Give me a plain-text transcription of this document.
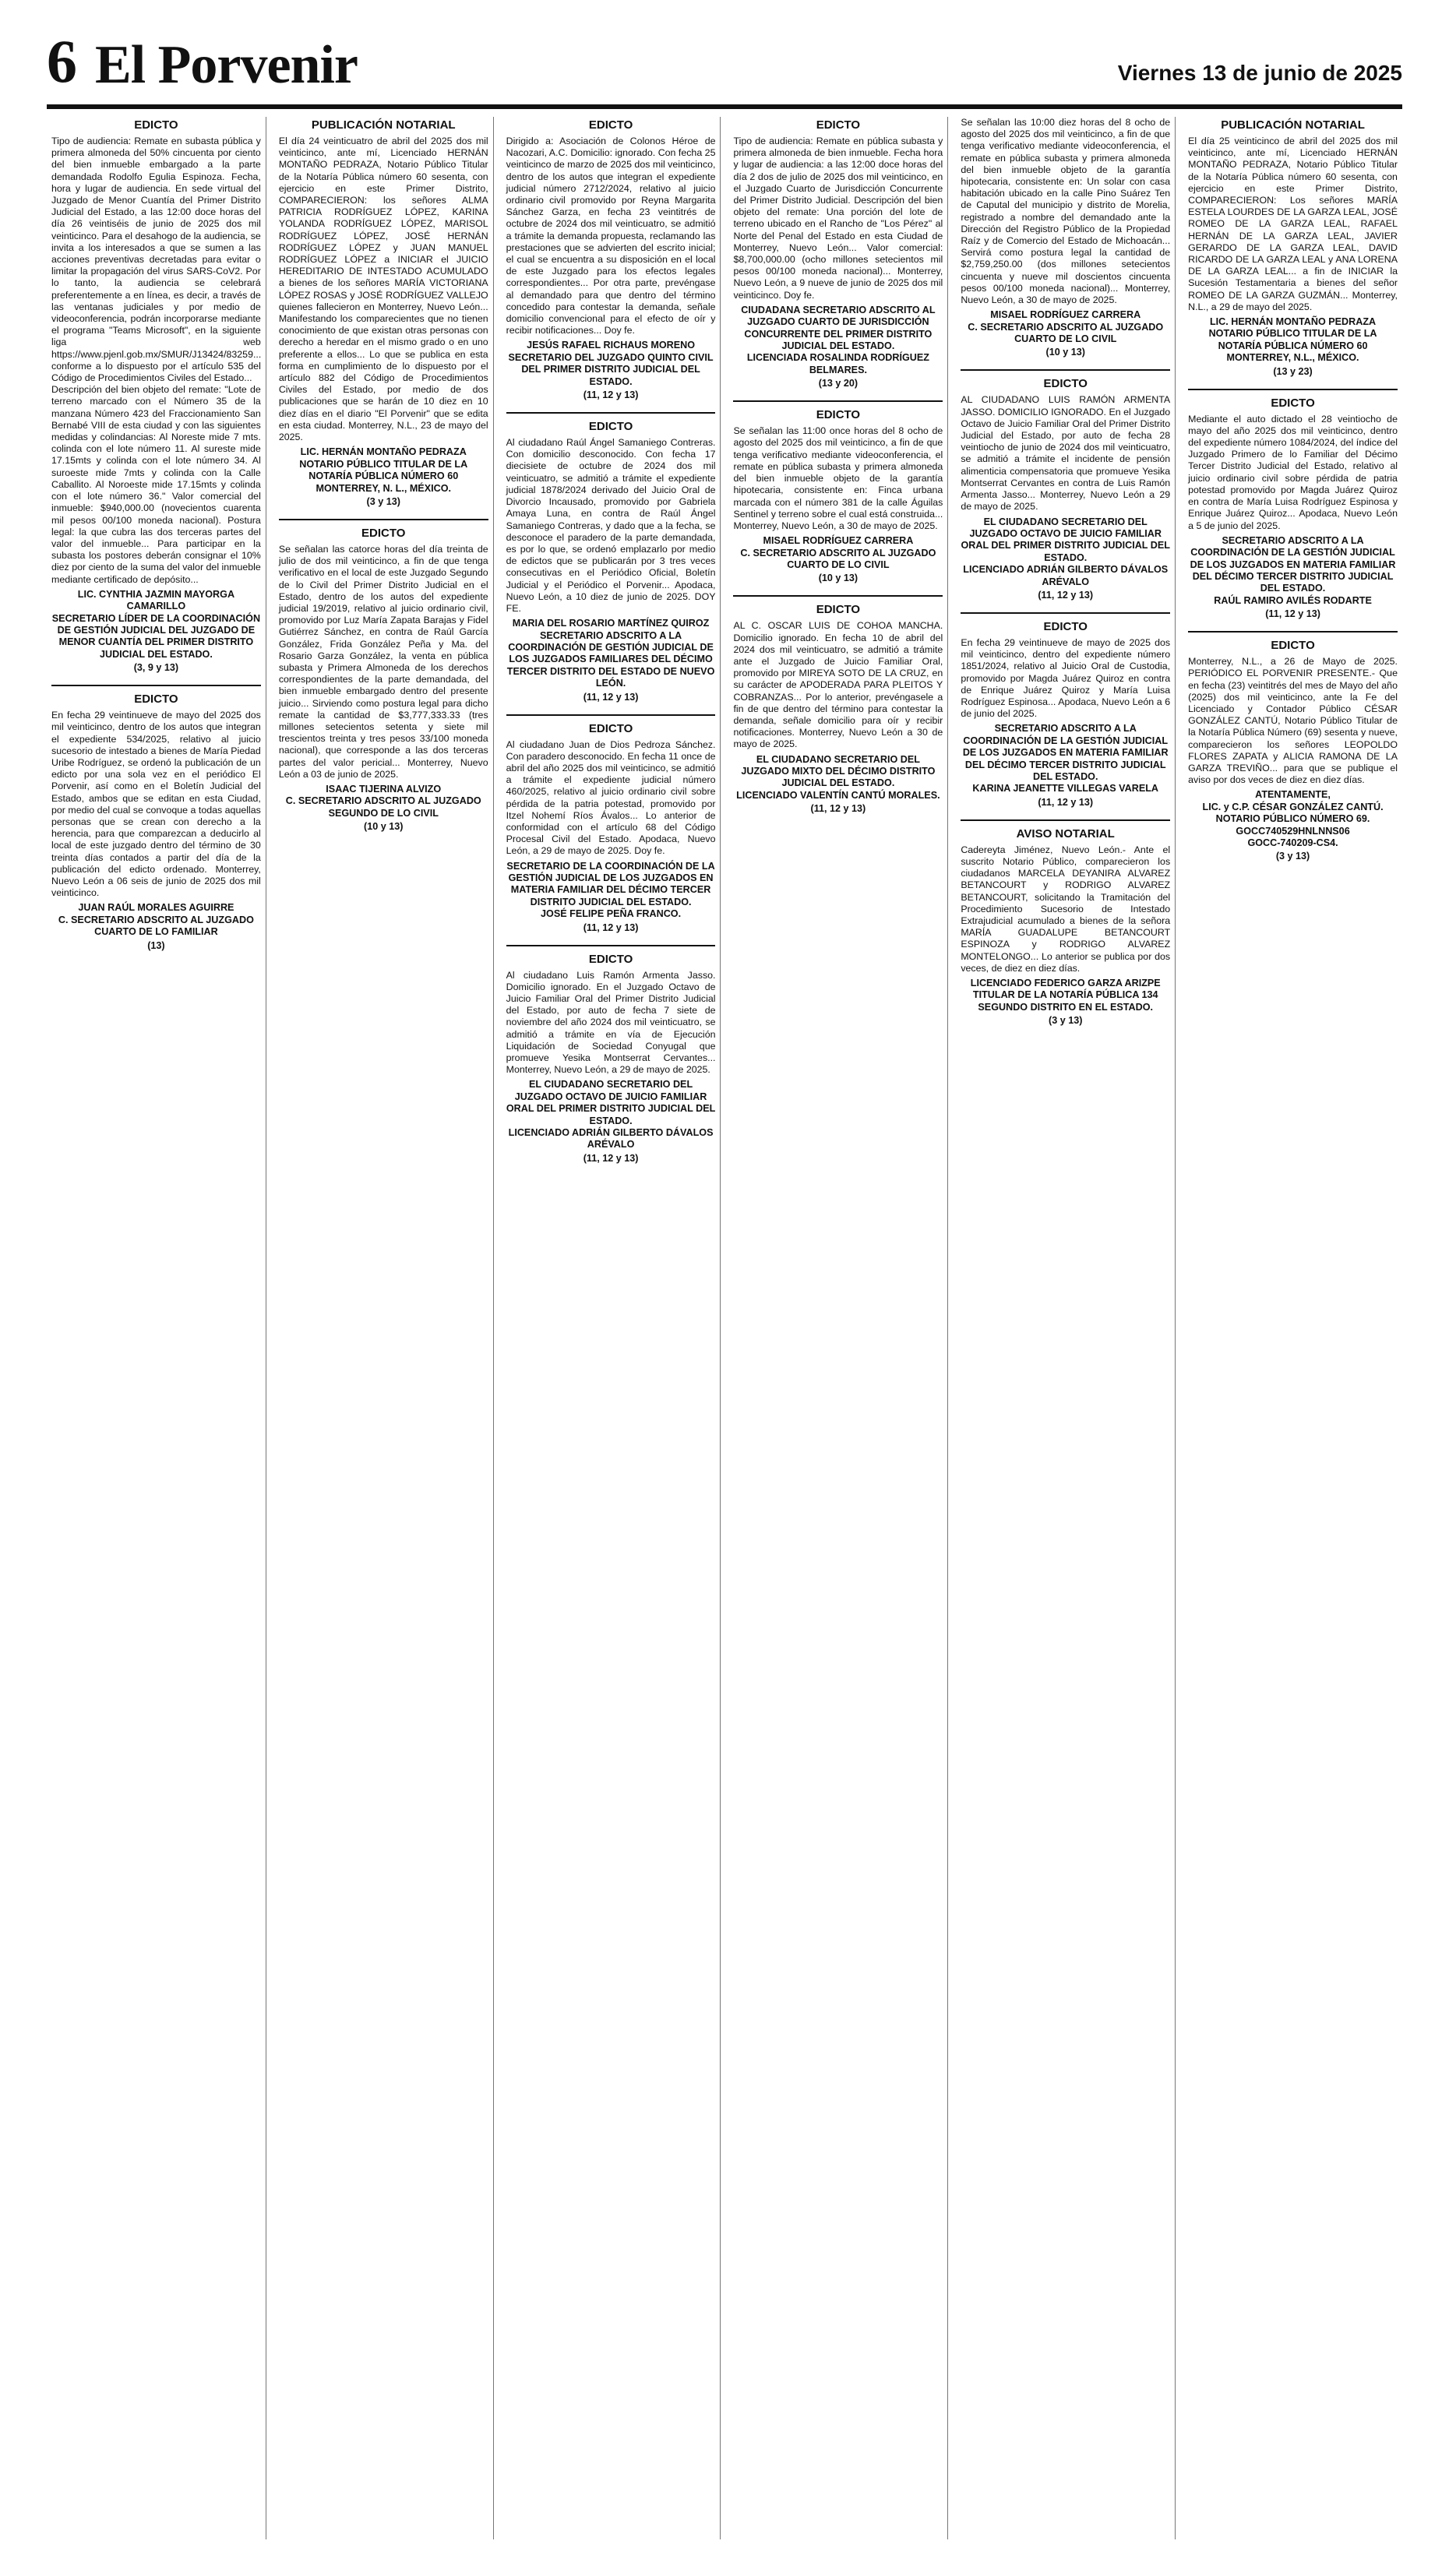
6 El Porvenir	Viernes 13 de junio de 2025
EDICTO
Tipo de audiencia: Remate en subasta pública y primera almoneda del 50% cincuenta por ciento del bien inmueble embargado a la parte demandada Rodolfo Egulia Espinoza. Fecha, hora y lugar de audiencia. En sede virtual del Juzgado de Menor Cuantía del Primer Distrito Judicial del Estado, a las 12:00 doce horas del día 26 veintiséis de junio de 2025 dos mil veinticinco. Para el desahogo de la audiencia, se invita a los interesados a que se sumen a las acciones preventivas decretadas para evitar o limitar la propagación del virus SARS-CoV2. Por lo tanto, la audiencia se celebrará preferentemente a en línea, es decir, a través de las ventanas judiciales y por medio de videoconferencia, podrán incorporarse mediante el programa "Teams Microsoft", en la siguiente liga web https://www.pjenl.gob.mx/SMUR/J13424/83259... conforme a lo dispuesto por el artículo 535 del Código de Procedimientos Civiles del Estado...
Descripción del bien objeto del remate: "Lote de terreno marcado con el Número 35 de la manzana Número 423 del Fraccionamiento San Bernabé VIII de esta ciudad y con las siguientes medidas y colindancias: Al Noreste mide 7 mts. colinda con el lote número 11. Al sureste mide 17.15mts y colinda con el lote número 34. Al suroeste mide 7mts y colinda con la Calle Caballito. Al Noroeste mide 17.15mts y colinda con el lote número 36." Valor comercial del inmueble: $940,000.00 (novecientos cuarenta mil pesos 00/100 moneda nacional). Postura legal: la que cubra las dos terceras partes del valor del inmueble... Para participar en la subasta los postores deberán consignar el 10% diez por ciento de la suma del valor del inmueble mediante certificado de depósito...
LIC. CYNTHIA JAZMIN MAYORGA CAMARILLO
SECRETARIO LÍDER DE LA COORDINACIÓN DE GESTIÓN JUDICIAL DEL JUZGADO DE MENOR CUANTÍA DEL PRIMER DISTRITO JUDICIAL DEL ESTADO.
(3, 9 y 13)
EDICTO
En fecha 29 veintinueve de mayo del 2025 dos mil veinticinco, dentro de los autos que integran el expediente 534/2025, relativo al juicio sucesorio de intestado a bienes de María Piedad Uribe Rodríguez, se ordenó la publicación de un edicto por una sola vez en el periódico El Porvenir, así como en el Boletín Judicial del Estado, ambos que se editan en esta Ciudad, por medio del cual se convoque a todas aquellas personas que se crean con derecho a la herencia, para que comparezcan a deducirlo al local de este juzgado dentro del término de 30 treinta días contados a partir del día de la publicación del edicto ordenado. Monterrey, Nuevo León a 06 seis de junio de 2025 dos mil veinticinco.
JUAN RAÚL MORALES AGUIRRE
C. SECRETARIO ADSCRITO AL JUZGADO CUARTO DE LO FAMILIAR
(13)
PUBLICACIÓN NOTARIAL
El día 24 veinticuatro de abril del 2025 dos mil veinticinco, ante mí, Licenciado HERNÁN MONTAÑO PEDRAZA, Notario Público Titular de la Notaría Pública número 60 sesenta, con ejercicio en este Primer Distrito, COMPARECIERON: los señores ALMA PATRICIA RODRÍGUEZ LÓPEZ, KARINA YOLANDA RODRÍGUEZ LÓPEZ, MARISOL RODRÍGUEZ LÓPEZ, JOSÉ HERNÁN RODRÍGUEZ LÓPEZ y JUAN MANUEL RODRÍGUEZ LÓPEZ a INICIAR el JUICIO HEREDITARIO DE INTESTADO ACUMULADO a bienes de los señores MARÍA VICTORIANA LÓPEZ ROSAS y JOSÉ RODRÍGUEZ VALLEJO quienes fallecieron en Monterrey, Nuevo León... Manifestando los comparecientes que no tienen conocimiento de que existan otras personas con derecho a heredar en el mismo grado o en uno preferente a ellos... Lo que se publica en esta forma en cumplimiento de lo dispuesto por el artículo 882 del Código de Procedimientos Civiles del Estado, por medio de dos publicaciones que se harán de 10 diez en 10 diez días en el diario "El Porvenir" que se edita en esta ciudad. Monterrey, N.L., 23 de mayo del 2025.
LIC. HERNÁN MONTAÑO PEDRAZA
NOTARIO PÚBLICO TITULAR DE LA NOTARÍA PÚBLICA NÚMERO 60
MONTERREY, N. L., MÉXICO.
(3 y 13)
EDICTO
Se señalan las catorce horas del día treinta de julio de dos mil veinticinco, a fin de que tenga verificativo en el local de este Juzgado Segundo de lo Civil del Primer Distrito Judicial en el Estado, dentro de los autos del expediente judicial 19/2019, relativo al juicio ordinario civil, promovido por Luz María Zapata Barajas y Fidel Gutiérrez Sánchez, en contra de Raúl García González, Frida González Peña y Ma. del Rosario Garza González, la venta en pública subasta y Primera Almoneda de los derechos correspondientes de la parte demandada, del bien inmueble embargado dentro del presente juicio... Sirviendo como postura legal para dicho remate la cantidad de $3,777,333.33 (tres millones setecientos setenta y siete mil trescientos treinta y tres pesos 33/100 moneda nacional), que corresponde a las dos terceras partes del valor pericial... Monterrey, Nuevo León a 03 de junio de 2025.
ISAAC TIJERINA ALVIZO
C. SECRETARIO ADSCRITO AL JUZGADO SEGUNDO DE LO CIVIL
(10 y 13)
EDICTO
Dirigido a: Asociación de Colonos Héroe de Nacozari, A.C. Domicilio: ignorado. Con fecha 25 veinticinco de marzo de 2025 dos mil veinticinco, dentro de los autos que integran el expediente judicial número 2712/2024, relativo al juicio ordinario civil promovido por Reyna Margarita Sánchez Garza, en fecha 23 veintitrés de octubre de 2024 dos mil veinticuatro, se admitió a trámite la demanda propuesta, reclamando las prestaciones que se advierten del escrito inicial; el cual se encuentra a su disposición en el local de este Juzgado para los efectos legales correspondientes... Por otra parte, prevéngase al demandado para que dentro del término concedido para contestar la demanda, señale domicilio convencional para el efecto de oír y recibir notificaciones... Doy fe.
JESÚS RAFAEL RICHAUS MORENO
SECRETARIO DEL JUZGADO QUINTO CIVIL DEL PRIMER DISTRITO JUDICIAL DEL ESTADO.
(11, 12 y 13)
EDICTO
Al ciudadano Raúl Ángel Samaniego Contreras. Con domicilio desconocido. Con fecha 17 diecisiete de octubre de 2024 dos mil veinticuatro, se admitió a trámite el expediente judicial 1878/2024 derivado del Juicio Oral de Divorcio Incausado, promovido por Gabriela Amaya Luna, en contra de Raúl Ángel Samaniego Contreras, y dado que a la fecha, se desconoce el paradero de la parte demandada, es por lo que, se ordenó emplazarlo por medio de edictos que se publicarán por 3 tres veces consecutivas en el Periódico Oficial, Boletín Judicial y el Periódico el Porvenir... Apodaca, Nuevo León, a 10 diez de junio de 2025. DOY FE.
MARIA DEL ROSARIO MARTÍNEZ QUIROZ
SECRETARIO ADSCRITO A LA COORDINACIÓN DE GESTIÓN JUDICIAL DE LOS JUZGADOS FAMILIARES DEL DÉCIMO TERCER DISTRITO DEL ESTADO DE NUEVO LEÓN.
(11, 12 y 13)
EDICTO
Al ciudadano Juan de Dios Pedroza Sánchez. Con paradero desconocido. En fecha 11 once de abril del año 2025 dos mil veinticinco, se admitió a trámite el expediente judicial número 460/2025, relativo al juicio ordinario civil sobre pérdida de la patria potestad, promovido por Itzel Nohemí Ríos Ávalos... Lo anterior de conformidad con el artículo 68 del Código Procesal Civil del Estado. Apodaca, Nuevo León, a 29 de mayo de 2025. Doy fe.
SECRETARIO DE LA COORDINACIÓN DE LA GESTIÓN JUDICIAL DE LOS JUZGADOS EN MATERIA FAMILIAR DEL DÉCIMO TERCER DISTRITO JUDICIAL DEL ESTADO.
JOSÉ FELIPE PEÑA FRANCO.
(11, 12 y 13)
EDICTO
Al ciudadano Luis Ramón Armenta Jasso. Domicilio ignorado. En el Juzgado Octavo de Juicio Familiar Oral del Primer Distrito Judicial del Estado, por auto de fecha 7 siete de noviembre del año 2024 dos mil veinticuatro, se admitió a trámite en vía de Ejecución Liquidación de Sociedad Conyugal que promueve Yesika Montserrat Cervantes... Monterrey, Nuevo León, a 29 de mayo de 2025.
EL CIUDADANO SECRETARIO DEL JUZGADO OCTAVO DE JUICIO FAMILIAR ORAL DEL PRIMER DISTRITO JUDICIAL DEL ESTADO.
LICENCIADO ADRIÁN GILBERTO DÁVALOS ARÉVALO
(11, 12 y 13)
EDICTO
Tipo de audiencia: Remate en pública subasta y primera almoneda de bien inmueble. Fecha hora y lugar de audiencia: a las 12:00 doce horas del día 2 dos de julio de 2025 dos mil veinticinco, en el Juzgado Cuarto de Jurisdicción Concurrente del Primer Distrito Judicial. Descripción del bien objeto del remate: Una porción del lote de terreno ubicado en el Rancho de "Los Pérez" al Norte del Penal del Estado en esta Ciudad de Monterrey, Nuevo León... Valor comercial: $8,700,000.00 (ocho millones setecientos mil pesos 00/100 moneda nacional)... Monterrey, Nuevo León, a 9 nueve de junio de 2025 dos mil veinticinco. Doy fe.
CIUDADANA SECRETARIO ADSCRITO AL JUZGADO CUARTO DE JURISDICCIÓN CONCURRENTE DEL PRIMER DISTRITO JUDICIAL DEL ESTADO.
LICENCIADA ROSALINDA RODRÍGUEZ BELMARES.
(13 y 20)
EDICTO
Se señalan las 11:00 once horas del 8 ocho de agosto del 2025 dos mil veinticinco, a fin de que tenga verificativo mediante videoconferencia, el remate en pública subasta y primera almoneda del bien inmueble objeto de la garantía hipotecaria, consistente en: Finca urbana marcada con el número 381 de la calle Águilas Sentinel y terreno sobre el cual está construida... Monterrey, Nuevo León, a 30 de mayo de 2025.
MISAEL RODRÍGUEZ CARRERA
C. SECRETARIO ADSCRITO AL JUZGADO CUARTO DE LO CIVIL
(10 y 13)
EDICTO
AL C. OSCAR LUIS DE COHOA MANCHA. Domicilio ignorado. En fecha 10 de abril del 2024 dos mil veinticuatro, se admitió a trámite ante el Juzgado de Juicio Familiar Oral, promovido por MIREYA SOTO DE LA CRUZ, en su carácter de APODERADA PARA PLEITOS Y COBRANZAS... Por lo anterior, prevéngasele a fin de que dentro del término para contestar la demanda, señale domicilio para oír y recibir notificaciones. Monterrey, Nuevo León a 30 de mayo de 2025.
EL CIUDADANO SECRETARIO DEL JUZGADO MIXTO DEL DÉCIMO DISTRITO JUDICIAL DEL ESTADO.
LICENCIADO VALENTÍN CANTÚ MORALES.
(11, 12 y 13)
Se señalan las 10:00 diez horas del 8 ocho de agosto del 2025 dos mil veinticinco, a fin de que tenga verificativo mediante videoconferencia, el remate en pública subasta y primera almoneda del bien inmueble objeto de la garantía hipotecaria, consistente en: Un solar con casa habitación ubicado en la calle Pino Suárez Ten de Caputal del municipio y distrito de Morelia, registrado a nombre del demandado ante la Dirección del Registro Público de la Propiedad Raíz y de Comercio del Estado de Michoacán... Servirá como postura legal la cantidad de $2,759,250.00 (dos millones setecientos cincuenta y nueve mil doscientos cincuenta pesos 00/100 moneda nacional)... Monterrey, Nuevo León, a 30 de mayo de 2025.
MISAEL RODRÍGUEZ CARRERA
C. SECRETARIO ADSCRITO AL JUZGADO CUARTO DE LO CIVIL
(10 y 13)
EDICTO
AL CIUDADANO LUIS RAMÓN ARMENTA JASSO. DOMICILIO IGNORADO. En el Juzgado Octavo de Juicio Familiar Oral del Primer Distrito Judicial del Estado, por auto de fecha 28 veintiocho de junio de 2024 dos mil veinticuatro, se admitió a trámite el incidente de pensión alimenticia compensatoria que promueve Yesika Montserrat Cervantes en contra de Luis Ramón Armenta Jasso... Monterrey, Nuevo León a 29 de mayo de 2025.
EL CIUDADANO SECRETARIO DEL JUZGADO OCTAVO DE JUICIO FAMILIAR ORAL DEL PRIMER DISTRITO JUDICIAL DEL ESTADO.
LICENCIADO ADRIÁN GILBERTO DÁVALOS ARÉVALO
(11, 12 y 13)
EDICTO
En fecha 29 veintinueve de mayo de 2025 dos mil veinticinco, dentro del expediente número 1851/2024, relativo al Juicio Oral de Custodia, promovido por Magda Juárez Quiroz en contra de Enrique Juárez Quiroz y María Luisa Rodríguez Espinosa... Apodaca, Nuevo León a 6 de junio del 2025.
SECRETARIO ADSCRITO A LA COORDINACIÓN DE LA GESTIÓN JUDICIAL DE LOS JUZGADOS EN MATERIA FAMILIAR DEL DÉCIMO TERCER DISTRITO JUDICIAL DEL ESTADO.
KARINA JEANETTE VILLEGAS VARELA
(11, 12 y 13)
AVISO NOTARIAL
Cadereyta Jiménez, Nuevo León.- Ante el suscrito Notario Público, comparecieron los ciudadanos MARCELA DEYANIRA ALVAREZ BETANCOURT y RODRIGO ALVAREZ BETANCOURT, solicitando la Tramitación del Procedimiento Sucesorio de Intestado Extrajudicial acumulado a bienes de la señora MARÍA GUADALUPE BETANCOURT ESPINOZA y RODRIGO ALVAREZ MONTELONGO... Lo anterior se publica por dos veces, de diez en diez días.
LICENCIADO FEDERICO GARZA ARIZPE
TITULAR DE LA NOTARÍA PÚBLICA 134
SEGUNDO DISTRITO EN EL ESTADO.
(3 y 13)
PUBLICACIÓN NOTARIAL
El día 25 veinticinco de abril del 2025 dos mil veinticinco, ante mí, Licenciado HERNÁN MONTAÑO PEDRAZA, Notario Público Titular de la Notaría Pública número 60 sesenta, con ejercicio en este Primer Distrito, COMPARECIERON: Los señores MARÍA ESTELA LOURDES DE LA GARZA LEAL, JOSÉ ROMEO DE LA GARZA LEAL, RAFAEL HERNÁN DE LA GARZA LEAL, JAVIER GERARDO DE LA GARZA LEAL, DAVID RICARDO DE LA GARZA LEAL y ANA LORENA DE LA GARZA LEAL... a fin de INICIAR la Sucesión Testamentaria a bienes del señor ROMEO DE LA GARZA GUZMÁN... Monterrey, N.L., a 29 de mayo del 2025.
LIC. HERNÁN MONTAÑO PEDRAZA
NOTARIO PÚBLICO TITULAR DE LA NOTARÍA PÚBLICA NÚMERO 60
MONTERREY, N.L., MÉXICO.
(13 y 23)
EDICTO
Mediante el auto dictado el 28 veintiocho de mayo del año 2025 dos mil veinticinco, dentro del expediente número 1084/2024, del índice del Juzgado Primero de lo Familiar del Décimo Tercer Distrito Judicial del Estado, relativo al juicio ordinario civil sobre pérdida de patria potestad promovido por Magda Juárez Quiroz en contra de María Luisa Rodríguez Espinosa y Enrique Juárez Quiroz... Apodaca, Nuevo León a 5 de junio del 2025.
SECRETARIO ADSCRITO A LA COORDINACIÓN DE LA GESTIÓN JUDICIAL DE LOS JUZGADOS EN MATERIA FAMILIAR DEL DÉCIMO TERCER DISTRITO JUDICIAL DEL ESTADO.
RAÚL RAMIRO AVILÉS RODARTE
(11, 12 y 13)
EDICTO
Monterrey, N.L., a 26 de Mayo de 2025. PERIÓDICO EL PORVENIR PRESENTE.- Que en fecha (23) veintitrés del mes de Mayo del año (2025) dos mil veinticinco, ante la Fe del Licenciado y Contador Público CÉSAR GONZÁLEZ CANTÚ, Notario Público Titular de la Notaría Pública Número (69) sesenta y nueve, comparecieron los señores LEOPOLDO FLORES ZAPATA y ALICIA RAMONA DE LA GARZA TREVIÑO... para que se publique el aviso por dos veces de diez en diez días.
ATENTAMENTE,
LIC. y C.P. CÉSAR GONZÁLEZ CANTÚ.
NOTARIO PÚBLICO NÚMERO 69.
GOCC740529HNLNNS06
GOCC-740209-CS4.
(3 y 13)
